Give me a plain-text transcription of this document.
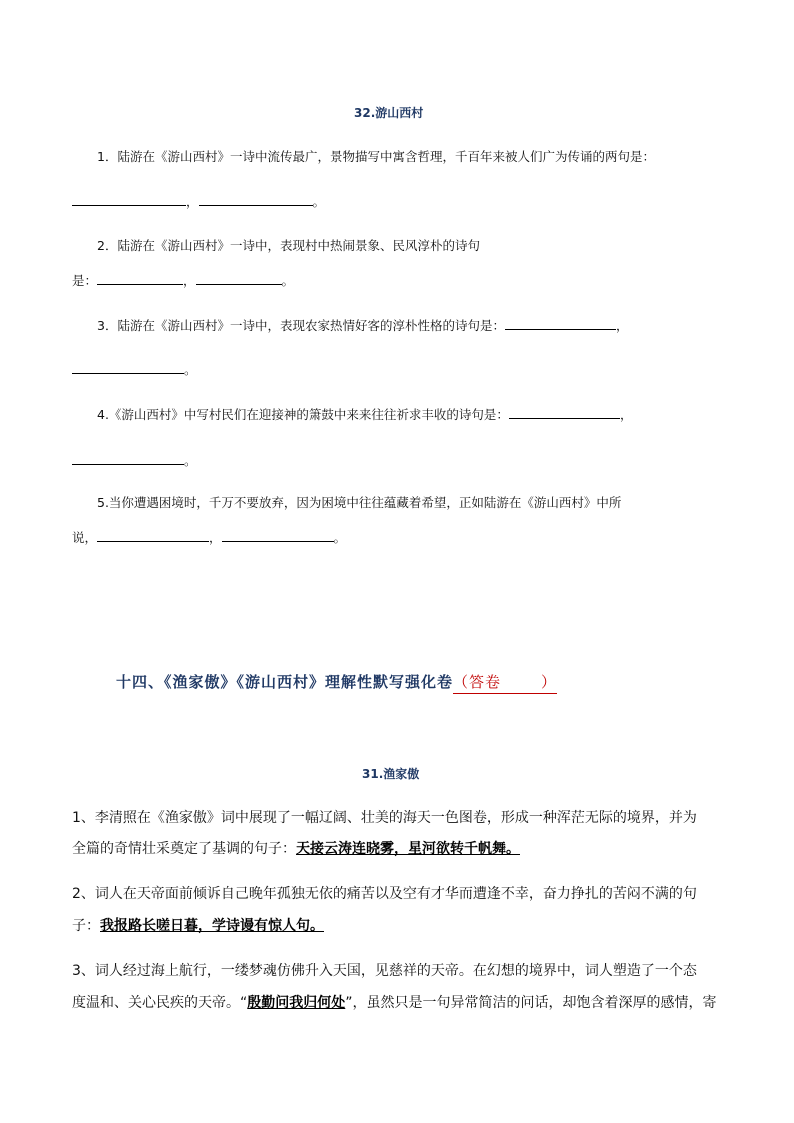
32.游山西村
1．陆游在《游山西村》一诗中流传最广，景物描写中寓含哲理，千百年来被人们广为传诵的两句是：
，	。
2．陆游在《游山西村》一诗中，表现村中热闹景象、民风淳朴的诗句
是：	，	。
3．陆游在《游山西村》一诗中，表现农家热情好客的淳朴性格的诗句是：	，
。
4.《游山西村》中写村民们在迎接神的箫鼓中来来往往祈求丰收的诗句是：	，
。
5.当你遭遇困境时，千万不要放弃，因为困境中往往蕴藏着希望，正如陆游在《游山西村》中所
说，	，	。
十四、《渔家傲》《游山西村》理解性默写强化卷（答卷	）
31.渔家傲
1、李清照在《渔家傲》词中展现了一幅辽阔、壮美的海天一色图卷，形成一种浑茫无际的境界，并为
全篇的奇情壮采奠定了基调的句子：天接云涛连晓雾，星河欲转千帆舞。
2、词人在天帝面前倾诉自己晚年孤独无依的痛苦以及空有才华而遭逢不幸，奋力挣扎的苦闷不满的句
子：我报路长嗟日暮，学诗谩有惊人句。
3、词人经过海上航行，一缕梦魂仿佛升入天国，见慈祥的天帝。在幻想的境界中，词人塑造了一个态
度温和、关心民疾的天帝。“殷勤问我归何处”，虽然只是一句异常简洁的问话，却饱含着深厚的感情，寄
